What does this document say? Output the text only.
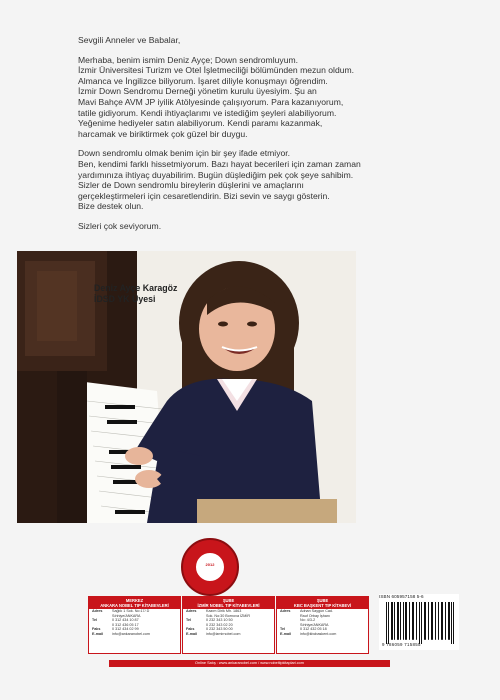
Sevgili Anneler ve Babalar,

Merhaba, benim ismim Deniz Ayçe; Down sendromluyum.
İzmir Üniversitesi Turizm ve Otel İşletmeciliği bölümünden mezun oldum.
Almanca ve İngilizce biliyorum. İşaret diliyle konuşmayı öğrendim.
İzmir Down Sendromu Derneği yönetim kurulu üyesiyim. Şu an
Mavi Bahçe AVM JP iyilik Atölyesinde çalışıyorum. Para kazanıyorum,
tatile gidiyorum. Kendi ihtiyaçlarımı ve istediğim şeyleri alabiliyorum.
Yeğenime hediyeler satın alabiliyorum. Kendi paramı kazanmak,
harcamak ve biriktirmek çok güzel bir duygu.

Down sendromlu olmak benim için bir şey ifade etmiyor.
Ben, kendimi farklı hissetmiyorum. Bazı hayat becerileri için zaman zaman
yardımınıza ihtiyaç duyabilirim. Bugün düşlediğim pek çok şeye sahibim.
Sizler de Down sendromlu bireylerin düşlerini ve amaçlarını
gerçekleştirmeleri için cesaretlendirin. Bizi sevin ve saygı gösterin.
Bize destek olun.

Sizleri çok seviyorum.

Deniz Ayçe Karagöz
İDSD YK Üyesi
2012
MERKEZ
ANKARA NOBEL TIP KİTABEVLERİ
Adres	Sağlık 1 Sok. No:17/ D
Sıhhiye/ANKARA
Tel	0 312 434 10 87
0 312 436 05 17
Faks	0 312 434 02 99
E-mail	info@ankaranobel.com
ŞUBE
İZMİR NOBEL TIP KİTABEVLERİ
Adres	Kazım Dirik Mh. 1863
Sok. No:30 Bornova İZMİR
Tel	0 232 343 10 50
0 232 343 02 20
Faks	0 232 343 50 00
E-mail	info@izmirnobel.com
ŞUBE
KBC BAŞKENT TIP KİTABEVİ
Adres	Adnan Saygun Cad.
Rauf Orbay İşhanı
No: 4/3-2
Sıhhiye/ANKARA
Tel	0 312 432 05 18
E-mail	info@kbcbaskent.com
ISBN 605957158 5-6
9 786059 715855
Online Satış : www.ankaranobel.com / www.nobeltipkitaplari.com
